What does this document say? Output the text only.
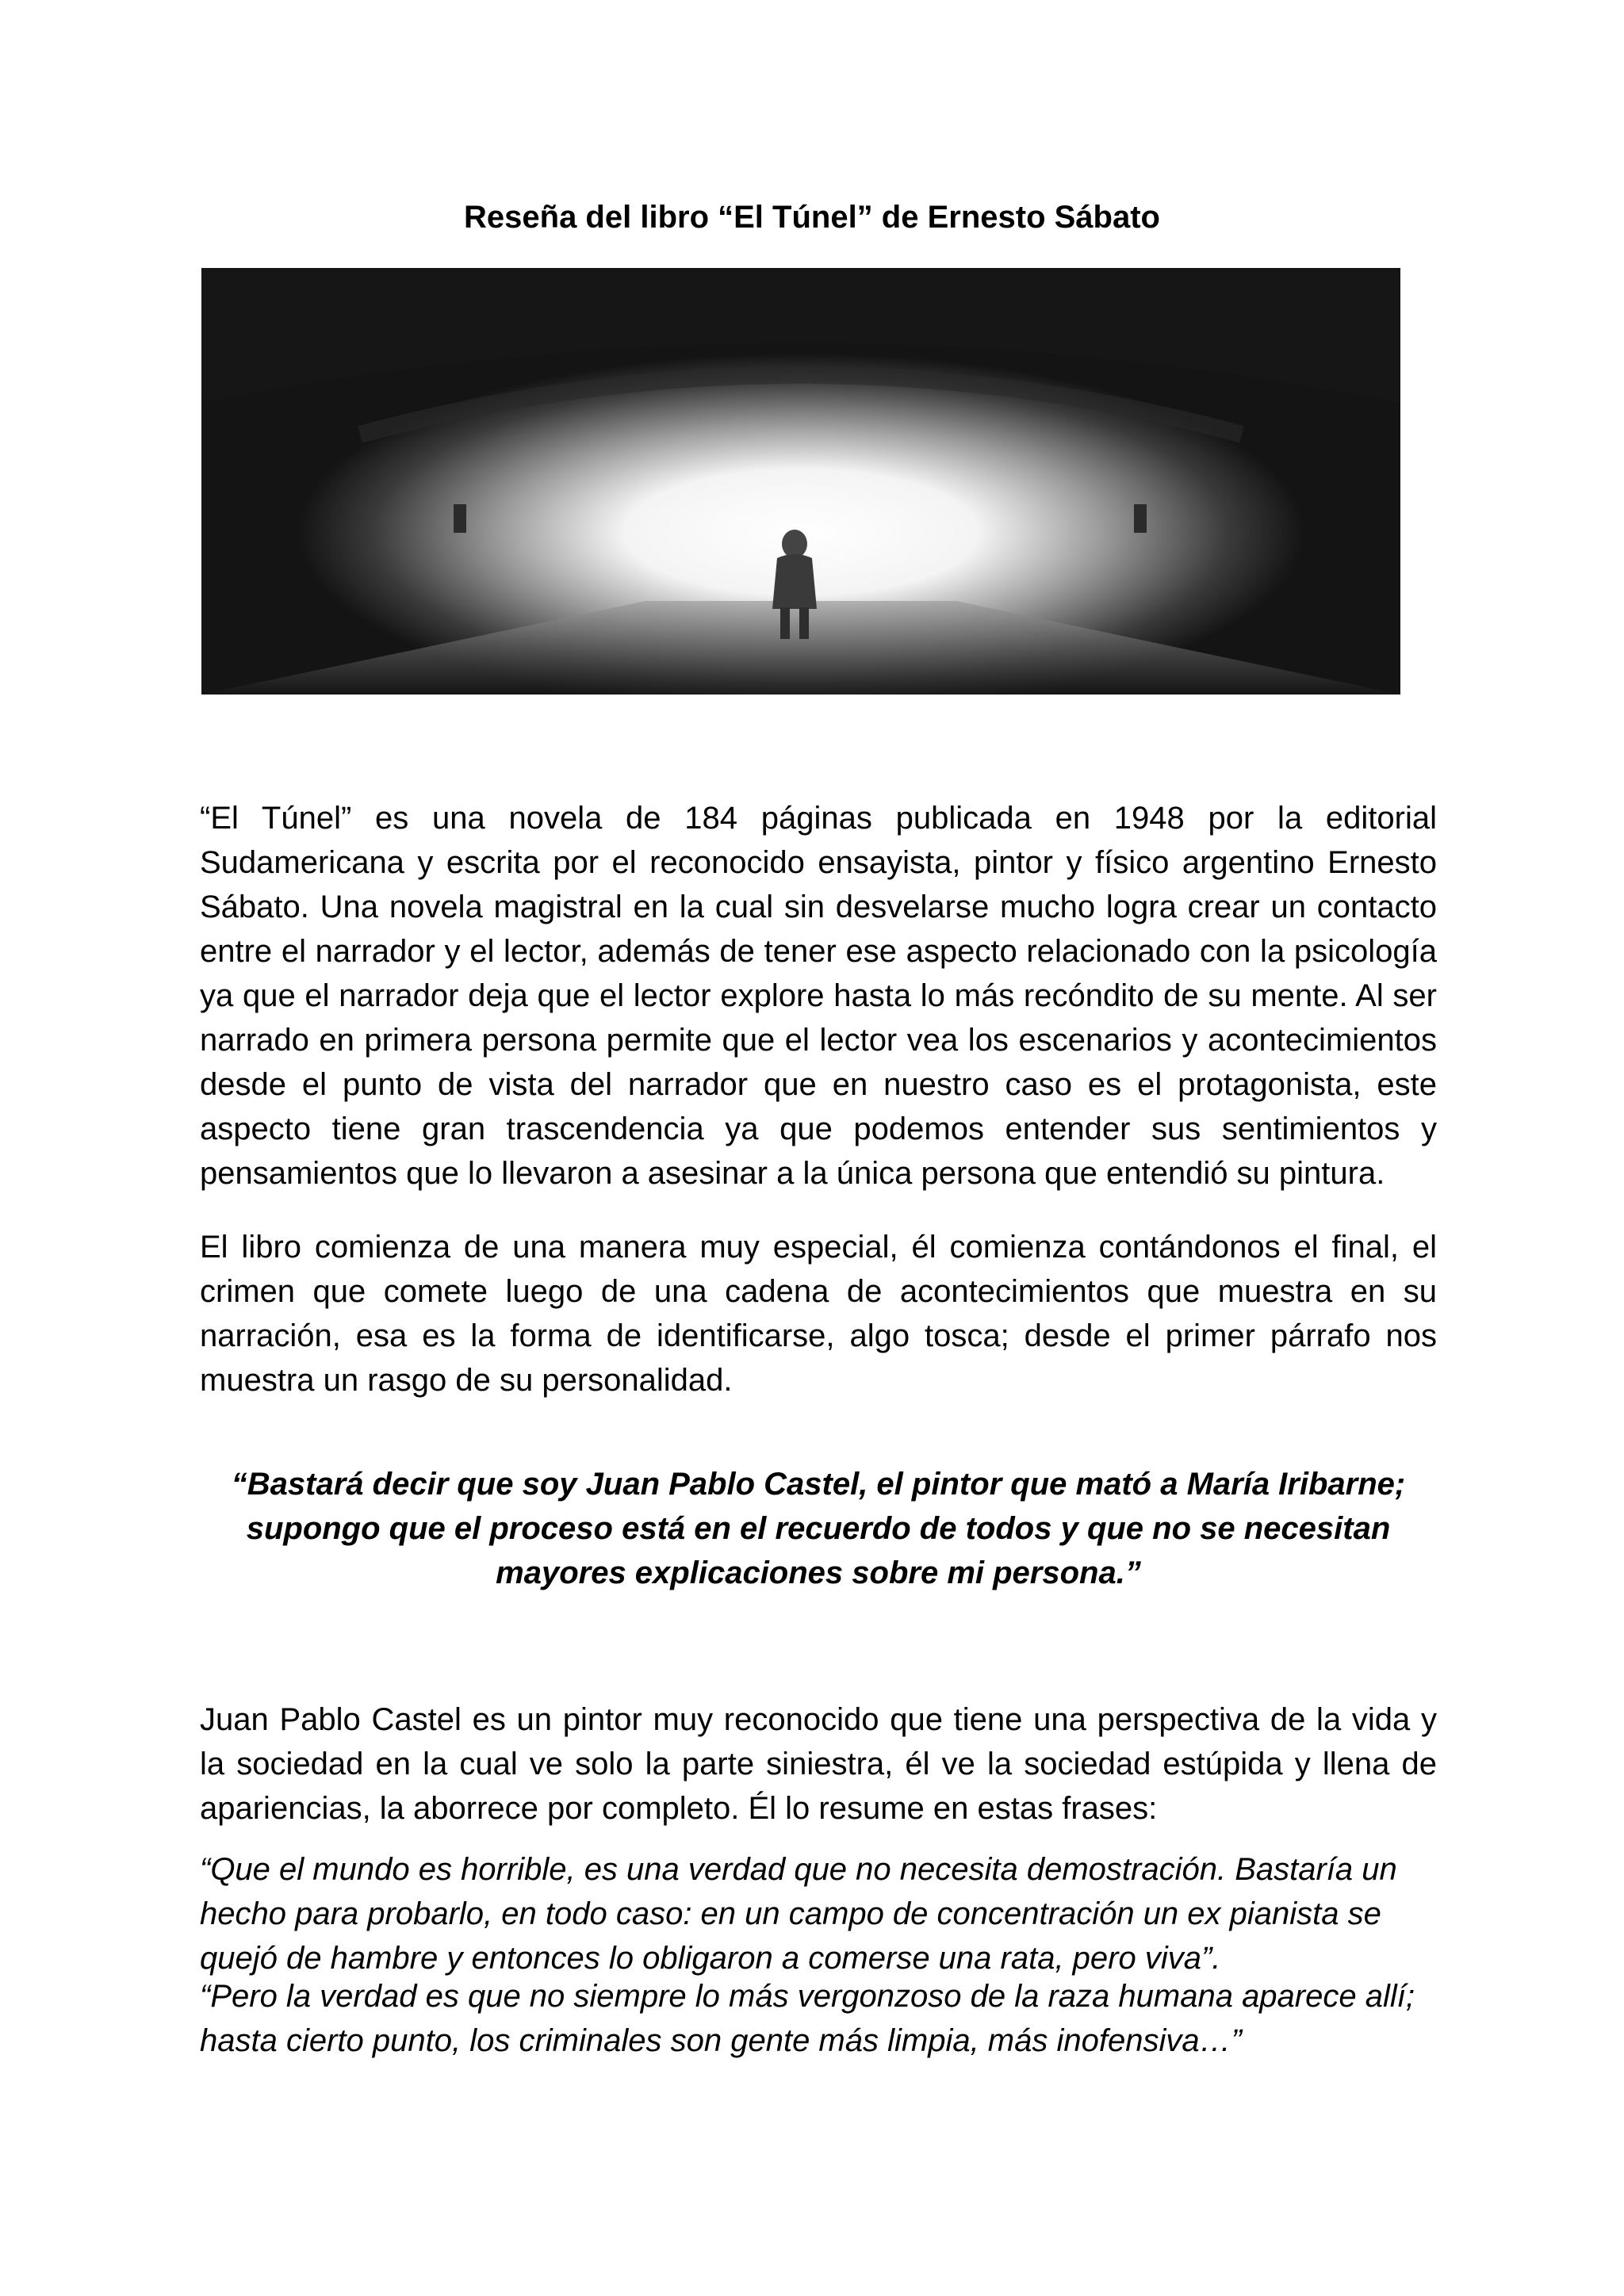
Reseña del libro “El Túnel” de Ernesto Sábato

“El Túnel” es una novela de 184 páginas publicada en 1948 por la editorial Sudamericana y escrita por el reconocido ensayista, pintor y físico argentino Ernesto Sábato. Una novela magistral en la cual sin desvelarse mucho logra crear un contacto entre el narrador y el lector, además de tener ese aspecto relacionado con la psicología ya que el narrador deja que el lector explore hasta lo más recóndito de su mente. Al ser narrado en primera persona permite que el lector vea los escenarios y acontecimientos desde el punto de vista del narrador que en nuestro caso es el protagonista, este aspecto tiene gran trascendencia ya que podemos entender sus sentimientos y pensamientos que lo llevaron a asesinar a la única persona que entendió su pintura.

El libro comienza de una manera muy especial, él comienza contándonos el final, el crimen que comete luego de una cadena de acontecimientos que muestra en su narración, esa es la forma de identificarse, algo tosca; desde el primer párrafo nos muestra un rasgo de su personalidad.

“Bastará decir que soy Juan Pablo Castel, el pintor que mató a María Iribarne; supongo que el proceso está en el recuerdo de todos y que no se necesitan mayores explicaciones sobre mi persona.”

Juan Pablo Castel es un pintor muy reconocido que tiene una perspectiva de la vida y la sociedad en la cual ve solo la parte siniestra, él ve la sociedad estúpida y llena de apariencias, la aborrece por completo. Él lo resume en estas frases:

“Que el mundo es horrible, es una verdad que no necesita demostración. Bastaría un hecho para probarlo, en todo caso: en un campo de concentración un ex pianista se quejó de hambre y entonces lo obligaron a comerse una rata, pero viva”.

“Pero la verdad es que no siempre lo más vergonzoso de la raza humana aparece allí; hasta cierto punto, los criminales son gente más limpia, más inofensiva…”
